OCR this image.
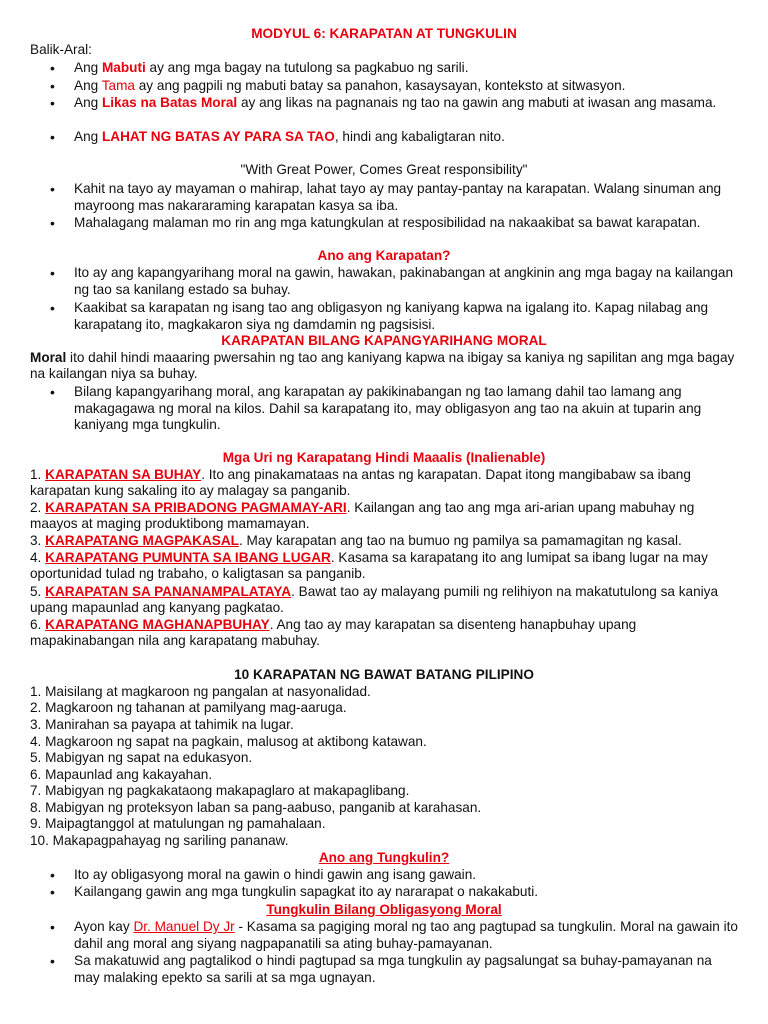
MODYUL 6: KARAPATAN AT TUNGKULIN
Balik-Aral:
• Ang Mabuti ay ang mga bagay na tutulong sa pagkabuo ng sarili.
• Ang Tama ay ang pagpili ng mabuti batay sa panahon, kasaysayan, konteksto at sitwasyon.
• Ang Likas na Batas Moral ay ang likas na pagnanais ng tao na gawin ang mabuti at iwasan ang masama.
• Ang LAHAT NG BATAS AY PARA SA TAO, hindi ang kabaligtaran nito.
"With Great Power, Comes Great responsibility"
• Kahit na tayo ay mayaman o mahirap, lahat tayo ay may pantay-pantay na karapatan. Walang sinuman ang mayroong mas nakararaming karapatan kasya sa iba.
• Mahalagang malaman mo rin ang mga katungkulan at resposibilidad na nakaakibat sa bawat karapatan.
Ano ang Karapatan?
• Ito ay ang kapangyarihang moral na gawin, hawakan, pakinabangan at angkinin ang mga bagay na kailangan ng tao sa kanilang estado sa buhay.
• Kaakibat sa karapatan ng isang tao ang obligasyon ng kaniyang kapwa na igalang ito. Kapag nilabag ang karapatang ito, magkakaron siya ng damdamin ng pagsisisi.
KARAPATAN BILANG KAPANGYARIHANG MORAL
Moral ito dahil hindi maaaring pwersahin ng tao ang kaniyang kapwa na ibigay sa kaniya ng sapilitan ang mga bagay na kailangan niya sa buhay.
• Bilang kapangyarihang moral, ang karapatan ay pakikinabangan ng tao lamang dahil tao lamang ang makagagawa ng moral na kilos. Dahil sa karapatang ito, may obligasyon ang tao na akuin at tuparin ang kaniyang mga tungkulin.
Mga Uri ng Karapatang Hindi Maaalis (Inalienable)
1. KARAPATAN SA BUHAY. Ito ang pinakamataas na antas ng karapatan. Dapat itong mangibabaw sa ibang karapatan kung sakaling ito ay malagay sa panganib.
2. KARAPATAN SA PRIBADONG PAGMAMAY-ARI. Kailangan ang tao ang mga ari-arian upang mabuhay ng maayos at maging produktibong mamamayan.
3. KARAPATANG MAGPAKASAL. May karapatan ang tao na bumuo ng pamilya sa pamamagitan ng kasal.
4. KARAPATANG PUMUNTA SA IBANG LUGAR. Kasama sa karapatang ito ang lumipat sa ibang lugar na may oportunidad tulad ng trabaho, o kaligtasan sa panganib.
5. KARAPATAN SA PANANAMPALATAYA. Bawat tao ay malayang pumili ng relihiyon na makatutulong sa kaniya upang mapaunlad ang kanyang pagkatao.
6. KARAPATANG MAGHANAPBUHAY. Ang tao ay may karapatan sa disenteng hanapbuhay upang mapakinabangan nila ang karapatang mabuhay.
10 KARAPATAN NG BAWAT BATANG PILIPINO
1. Maisilang at magkaroon ng pangalan at nasyonalidad.
2. Magkaroon ng tahanan at pamilyang mag-aaruga.
3. Manirahan sa payapa at tahimik na lugar.
4. Magkaroon ng sapat na pagkain, malusog at aktibong katawan.
5. Mabigyan ng sapat na edukasyon.
6. Mapaunlad ang kakayahan.
7. Mabigyan ng pagkakataong makapaglaro at makapaglibang.
8. Mabigyan ng proteksyon laban sa pang-aabuso, panganib at karahasan.
9. Maipagtanggol at matulungan ng pamahalaan.
10. Makapagpahayag ng sariling pananaw.
Ano ang Tungkulin?
• Ito ay obligasyong moral na gawin o hindi gawin ang isang gawain.
• Kailangang gawin ang mga tungkulin sapagkat ito ay nararapat o nakakabuti.
Tungkulin Bilang Obligasyong Moral
• Ayon kay Dr. Manuel Dy Jr - Kasama sa pagiging moral ng tao ang pagtupad sa tungkulin. Moral na gawain ito dahil ang moral ang siyang nagpapanatili sa ating buhay-pamayanan.
• Sa makatuwid ang pagtalikod o hindi pagtupad sa mga tungkulin ay pagsalungat sa buhay-pamayanan na may malaking epekto sa sarili at sa mga ugnayan.
